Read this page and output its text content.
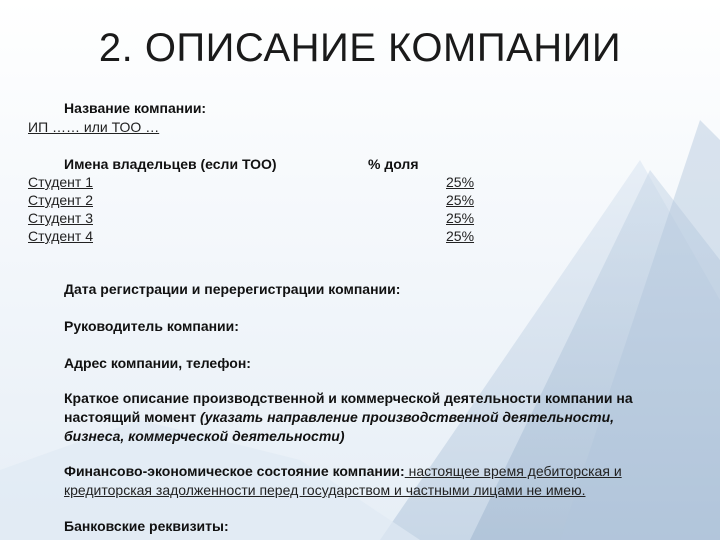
2. ОПИСАНИЕ КОМПАНИИ
Название компании:
ИП …… или ТОО …
Имена владельцев (если ТОО)	% доля
Студент 1	25%
Студент 2	25%
Студент 3	25%
Студент 4	25%
Дата регистрации и перерегистрации компании:
Руководитель компании:
Адрес компании, телефон:
Краткое описание производственной и коммерческой деятельности компании на настоящий момент (указать направление производственной деятельности, бизнеса, коммерческой деятельности)
Финансово-экономическое состояние компании: настоящее время дебиторская и кредиторская задолженности перед государством и частными лицами не имею.
Банковские реквизиты:
